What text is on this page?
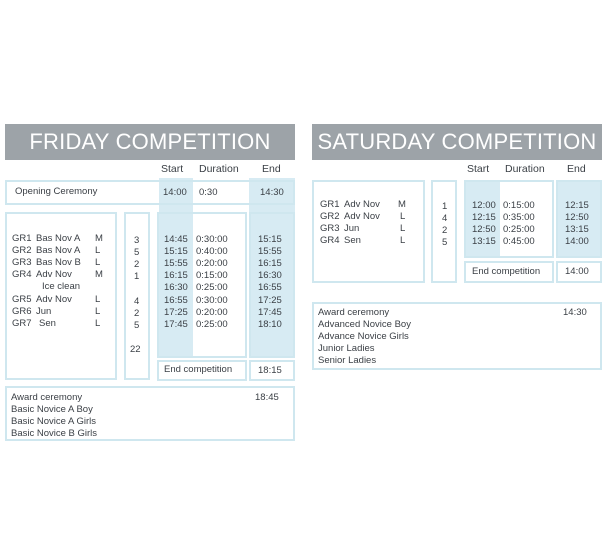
FRIDAY COMPETITION
Start Duration End
Opening Ceremony	14:00 0:30	14:30
End competition	18:15
GR1 Bas Nov A M	3	14:45 0:30:00	15:15
GR2 Bas Nov A L	5	15:15 0:40:00	15:55
GR3 Bas Nov B L	2	15:55 0:20:00	16:15
GR4 Adv Nov M	1	16:15 0:15:00	16:30
Ice clean	16:30 0:25:00	16:55
GR5 Adv Nov L	4	16:55 0:30:00	17:25
GR6 Jun	L	2	17:25 0:20:00	17:45
GR7 Sen	L	5	17:45 0:25:00	18:10
22
Award ceremony	18:45
Basic Novice A Boy
Basic Novice A Girls
Basic Novice B Girls
SATURDAY COMPETITION
Start Duration End
End competition	14:00
GR1 Adv Nov M	1	12:00 0:15:00	12:15
GR2 Adv Nov L	4	12:15 0:35:00	12:50
GR3 Jun	L	2	12:50 0:25:00	13:15
GR4 Sen	L	5	13:15 0:45:00	14:00
Award ceremony	14:30
Advanced Novice Boy
Advance Novice Girls
Junior Ladies
Senior Ladies
